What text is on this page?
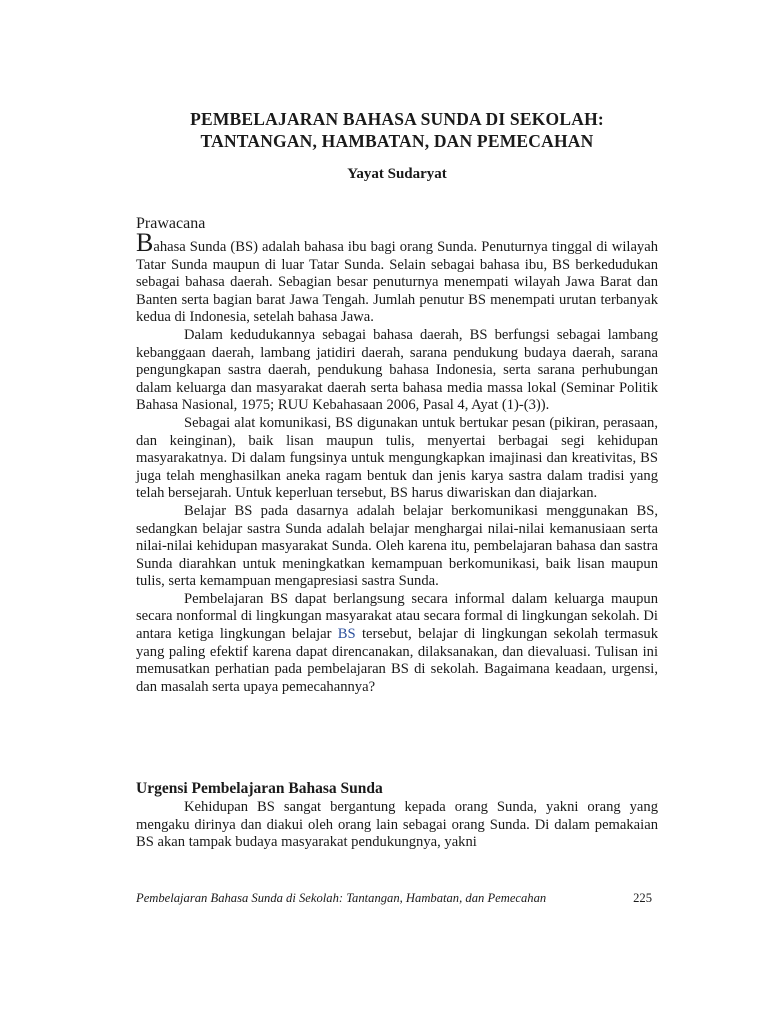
PEMBELAJARAN BAHASA SUNDA DI SEKOLAH:
TANTANGAN, HAMBATAN, DAN PEMECAHAN
Yayat Sudaryat
Prawacana

Bahasa Sunda (BS) adalah bahasa ibu bagi orang Sunda. Penuturnya tinggal di wilayah Tatar Sunda maupun di luar Tatar Sunda. Selain sebagai bahasa ibu, BS berkedudukan sebagai bahasa daerah. Sebagian besar penuturnya menempati wilayah Jawa Barat dan Banten serta bagian barat Jawa Tengah. Jumlah penutur BS menempati urutan terbanyak kedua di Indonesia, setelah bahasa Jawa.

Dalam kedudukannya sebagai bahasa daerah, BS berfungsi sebagai lambang kebanggaan daerah, lambang jatidiri daerah, sarana pendukung budaya daerah, sarana pengungkapan sastra daerah, pendukung bahasa Indonesia, serta sarana perhubungan dalam keluarga dan masyarakat daerah serta bahasa media massa lokal (Seminar Politik Bahasa Nasional, 1975; RUU Kebahasaan 2006, Pasal 4, Ayat (1)-(3)).

Sebagai alat komunikasi, BS digunakan untuk bertukar pesan (pikiran, perasaan, dan keinginan), baik lisan maupun tulis, menyertai berbagai segi kehidupan masyarakatnya. Di dalam fungsinya untuk mengungkapkan imajinasi dan kreativitas, BS juga telah menghasilkan aneka ragam bentuk dan jenis karya sastra dalam tradisi yang telah bersejarah. Untuk keperluan tersebut, BS harus diwariskan dan diajarkan.

Belajar BS pada dasarnya adalah belajar berkomunikasi menggunakan BS, sedangkan belajar sastra Sunda adalah belajar menghargai nilai-nilai kemanusiaan serta nilai-nilai kehidupan masyarakat Sunda. Oleh karena itu, pembelajaran bahasa dan sastra Sunda diarahkan untuk meningkatkan kemampuan berkomunikasi, baik lisan maupun tulis, serta kemampuan mengapresiasi sastra Sunda.

Pembelajaran BS dapat berlangsung secara informal dalam keluarga maupun secara nonformal di lingkungan masyarakat atau secara formal di lingkungan sekolah. Di antara ketiga lingkungan belajar BS tersebut, belajar di lingkungan sekolah termasuk yang paling efektif karena dapat direncanakan, dilaksanakan, dan dievaluasi. Tulisan ini memusatkan perhatian pada pembelajaran BS di sekolah. Bagaimana keadaan, urgensi, dan masalah serta upaya pemecahannya?

Urgensi Pembelajaran Bahasa Sunda

Kehidupan BS sangat bergantung kepada orang Sunda, yakni orang yang mengaku dirinya dan diakui oleh orang lain sebagai orang Sunda. Di dalam pemakaian BS akan tampak budaya masyarakat pendukungnya, yakni

Pembelajaran Bahasa Sunda di Sekolah: Tantangan, Hambatan, dan Pemecahan	225
